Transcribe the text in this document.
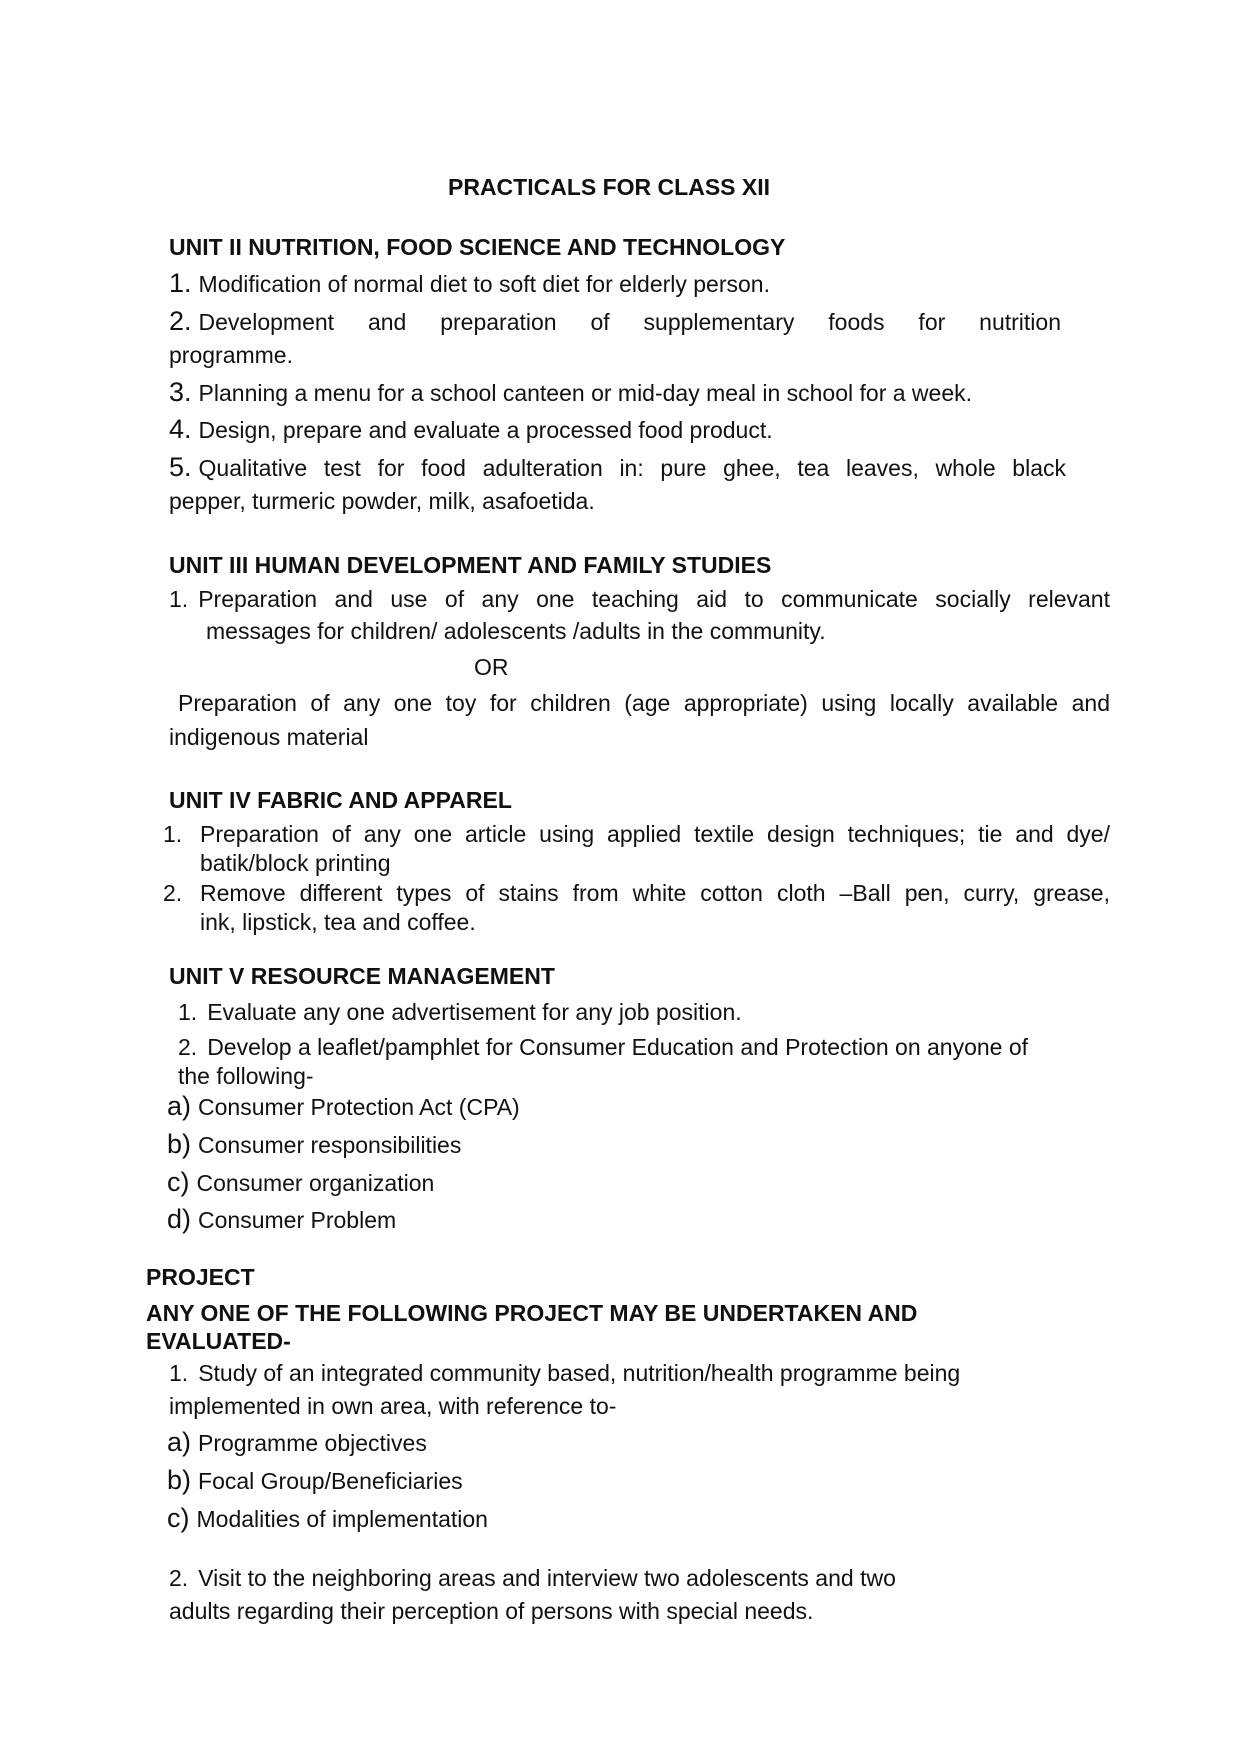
PRACTICALS FOR CLASS XII
UNIT II NUTRITION, FOOD SCIENCE AND TECHNOLOGY
1. Modification of normal diet to soft diet for elderly person.
2. Development and preparation of supplementary foods for nutrition
programme.
3. Planning a menu for a school canteen or mid-day meal in school for a week.
4. Design, prepare and evaluate a processed food product.
5. Qualitative test for food adulteration in: pure ghee, tea leaves, whole black
pepper, turmeric powder, milk, asafoetida.
UNIT III HUMAN DEVELOPMENT AND FAMILY STUDIES
1. Preparation and use of any one teaching aid to communicate socially relevant
messages for children/ adolescents /adults in the community.
OR
Preparation of any one toy for children (age appropriate) using locally available and
indigenous material
UNIT IV FABRIC AND APPAREL
1. Preparation of any one article using applied textile design techniques; tie and dye/
batik/block printing
2. Remove different types of stains from white cotton cloth –Ball pen, curry, grease,
ink, lipstick, tea and coffee.
UNIT V RESOURCE MANAGEMENT
1. Evaluate any one advertisement for any job position.
2. Develop a leaflet/pamphlet for Consumer Education and Protection on anyone of
the following-
a) Consumer Protection Act (CPA)
b) Consumer responsibilities
c) Consumer organization
d) Consumer Problem
PROJECT
ANY ONE OF THE FOLLOWING PROJECT MAY BE UNDERTAKEN AND
EVALUATED-
1. Study of an integrated community based, nutrition/health programme being
implemented in own area, with reference to-
a) Programme objectives
b) Focal Group/Beneficiaries
c) Modalities of implementation
2. Visit to the neighboring areas and interview two adolescents and two
adults regarding their perception of persons with special needs.
